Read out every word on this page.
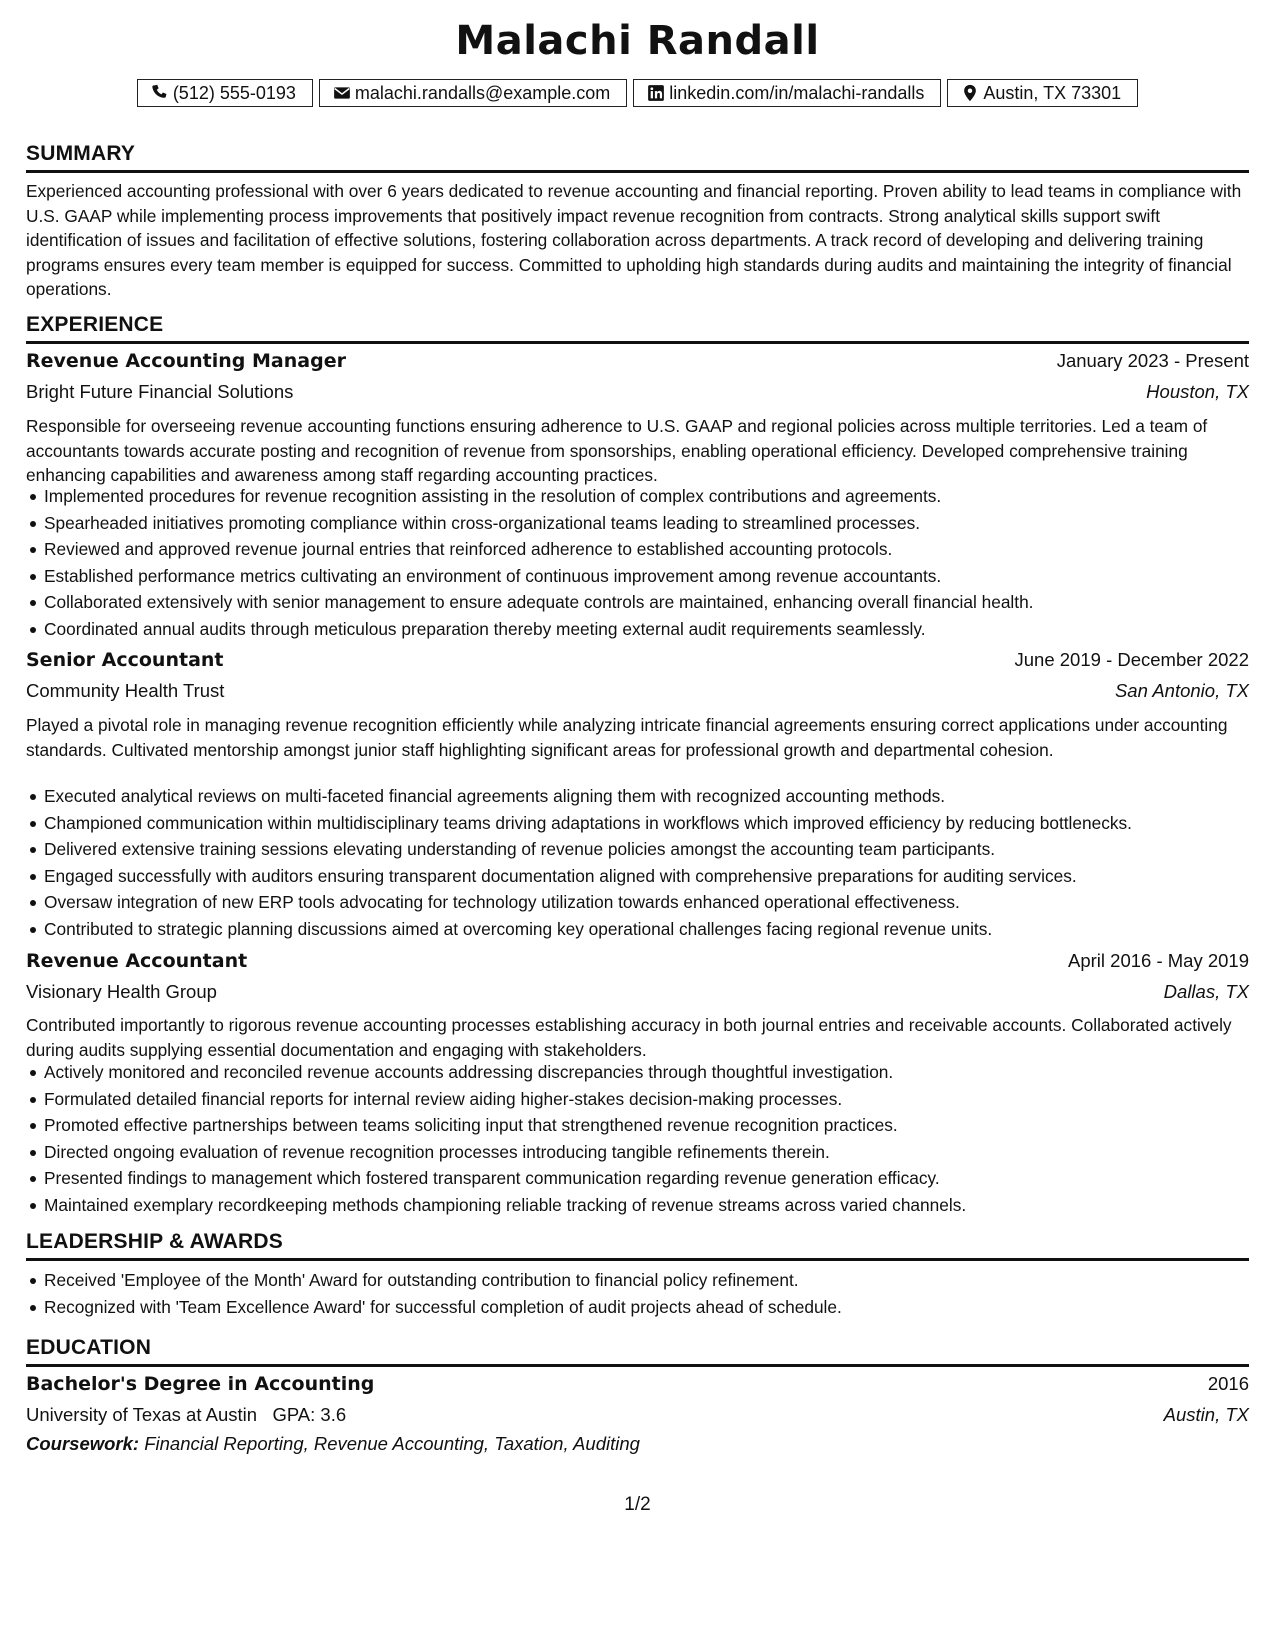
Malachi Randall
(512) 555-0193	malachi.randalls@example.com	linkedin.com/in/malachi-randalls	Austin, TX 73301
SUMMARY

Experienced accounting professional with over 6 years dedicated to revenue accounting and financial reporting. Proven ability to lead teams in compliance with U.S. GAAP while implementing process improvements that positively impact revenue recognition from contracts. Strong analytical skills support swift identification of issues and facilitation of effective solutions, fostering collaboration across departments. A track record of developing and delivering training programs ensures every team member is equipped for success. Committed to upholding high standards during audits and maintaining the integrity of financial operations.

EXPERIENCE
Revenue Accounting Manager	January 2023 - Present
Bright Future Financial Solutions	Houston, TX

Responsible for overseeing revenue accounting functions ensuring adherence to U.S. GAAP and regional policies across multiple territories. Led a team of accountants towards accurate posting and recognition of revenue from sponsorships, enabling operational efficiency. Developed comprehensive training enhancing capabilities and awareness among staff regarding accounting practices.

Implemented procedures for revenue recognition assisting in the resolution of complex contributions and agreements.
Spearheaded initiatives promoting compliance within cross-organizational teams leading to streamlined processes.
Reviewed and approved revenue journal entries that reinforced adherence to established accounting protocols.
Established performance metrics cultivating an environment of continuous improvement among revenue accountants.
Collaborated extensively with senior management to ensure adequate controls are maintained, enhancing overall financial health.
Coordinated annual audits through meticulous preparation thereby meeting external audit requirements seamlessly.
Senior Accountant	June 2019 - December 2022
Community Health Trust	San Antonio, TX

Played a pivotal role in managing revenue recognition efficiently while analyzing intricate financial agreements ensuring correct applications under accounting standards. Cultivated mentorship amongst junior staff highlighting significant areas for professional growth and departmental cohesion.

Executed analytical reviews on multi-faceted financial agreements aligning them with recognized accounting methods.
Championed communication within multidisciplinary teams driving adaptations in workflows which improved efficiency by reducing bottlenecks.
Delivered extensive training sessions elevating understanding of revenue policies amongst the accounting team participants.
Engaged successfully with auditors ensuring transparent documentation aligned with comprehensive preparations for auditing services.
Oversaw integration of new ERP tools advocating for technology utilization towards enhanced operational effectiveness.
Contributed to strategic planning discussions aimed at overcoming key operational challenges facing regional revenue units.
Revenue Accountant	April 2016 - May 2019
Visionary Health Group	Dallas, TX

Contributed importantly to rigorous revenue accounting processes establishing accuracy in both journal entries and receivable accounts. Collaborated actively during audits supplying essential documentation and engaging with stakeholders.

Actively monitored and reconciled revenue accounts addressing discrepancies through thoughtful investigation.
Formulated detailed financial reports for internal review aiding higher-stakes decision-making processes.
Promoted effective partnerships between teams soliciting input that strengthened revenue recognition practices.
Directed ongoing evaluation of revenue recognition processes introducing tangible refinements therein.
Presented findings to management which fostered transparent communication regarding revenue generation efficacy.
Maintained exemplary recordkeeping methods championing reliable tracking of revenue streams across varied channels.
LEADERSHIP & AWARDS
Received 'Employee of the Month' Award for outstanding contribution to financial policy refinement.
Recognized with 'Team Excellence Award' for successful completion of audit projects ahead of schedule.
EDUCATION
Bachelor's Degree in Accounting	2016
University of Texas at Austin GPA: 3.6	Austin, TX
Coursework: Financial Reporting, Revenue Accounting, Taxation, Auditing
1/2
